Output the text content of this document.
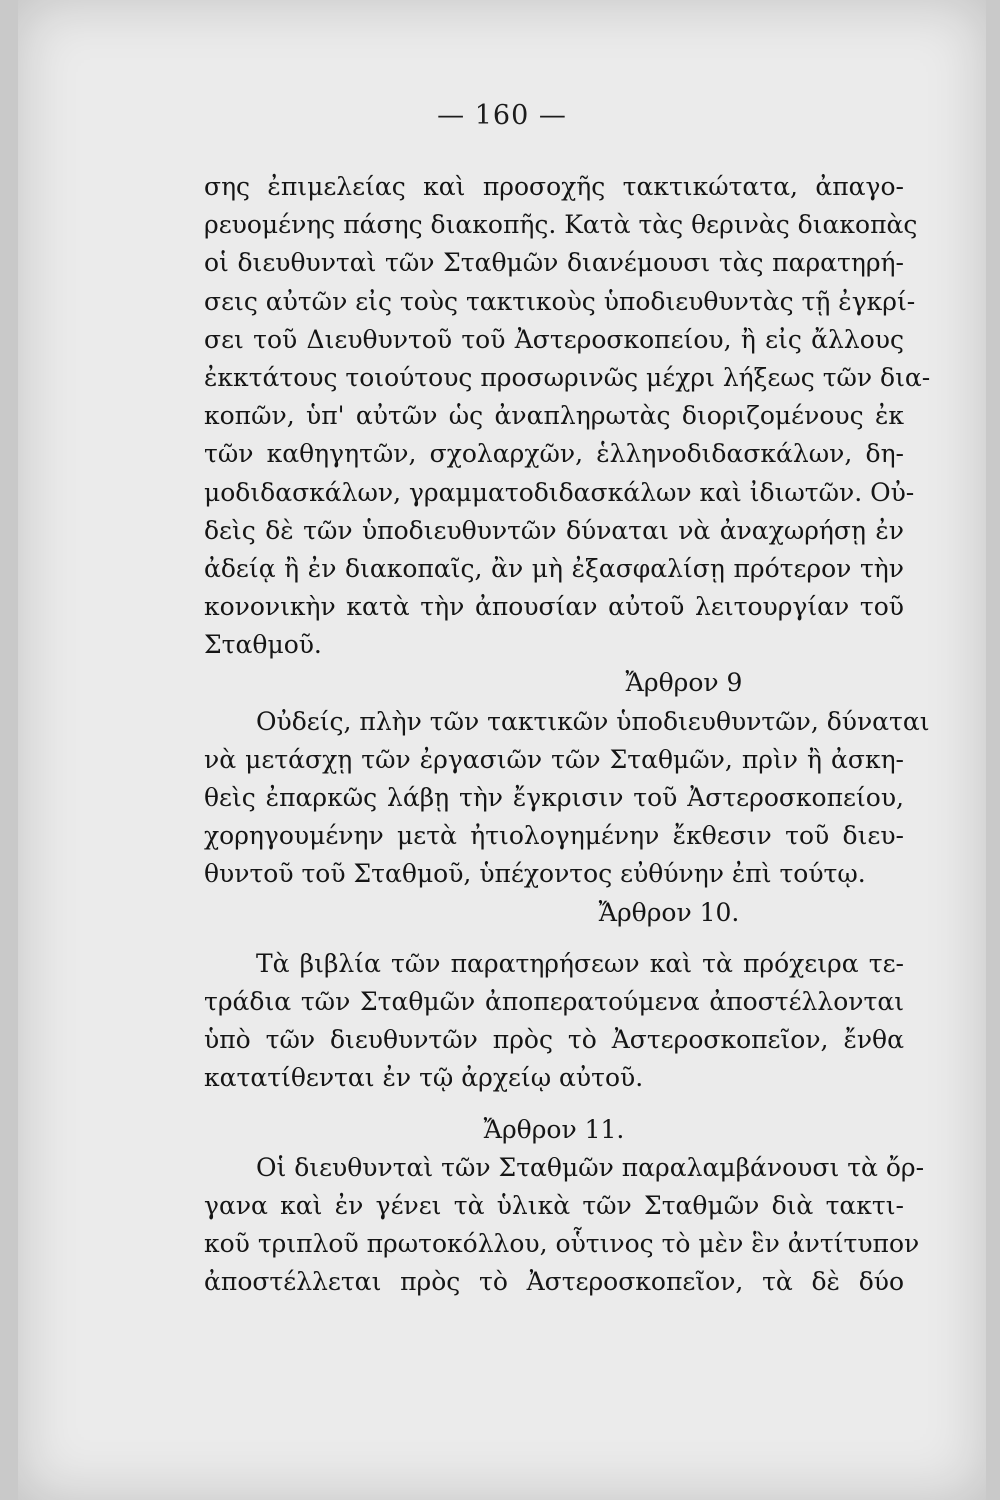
— 160 —
σης ἐπιμελείας καὶ προσοχῆς τακτικώτατα, ἀπαγο-
ρευομένης πάσης διακοπῆς. Κατὰ τὰς θερινὰς διακοπὰς
οἱ διευθυνταὶ τῶν Σταθμῶν διανέμουσι τὰς παρατηρή-
σεις αὐτῶν εἰς τοὺς τακτικοὺς ὑποδιευθυντὰς τῇ ἐγκρί-
σει τοῦ Διευθυντοῦ τοῦ Ἀστεροσκοπείου, ἢ εἰς ἄλλους
ἐκκτάτους τοιούτους προσωρινῶς μέχρι λήξεως τῶν δια-
κοπῶν, ὑπ' αὐτῶν ὡς ἀναπληρωτὰς διοριζομένους ἐκ
τῶν καθηγητῶν, σχολαρχῶν, ἑλληνοδιδασκάλων, δη-
μοδιδασκάλων, γραμματοδιδασκάλων καὶ ἰδιωτῶν. Οὐ-
δεὶς δὲ τῶν ὑποδιευθυντῶν δύναται νὰ ἀναχωρήσῃ ἐν
ἀδείᾳ ἢ ἐν διακοπαῖς, ἂν μὴ ἐξασφαλίσῃ πρότερον τὴν
κονονικὴν κατὰ τὴν ἀπουσίαν αὐτοῦ λειτουργίαν τοῦ
Σταθμοῦ.
Ἄρθρον 9
Οὐδείς, πλὴν τῶν τακτικῶν ὑποδιευθυντῶν, δύναται
νὰ μετάσχῃ τῶν ἐργασιῶν τῶν Σταθμῶν, πρὶν ἢ ἀσκη-
θεὶς ἐπαρκῶς λάβῃ τὴν ἔγκρισιν τοῦ Ἀστεροσκοπείου,
χορηγουμένην μετὰ ἠτιολογημένην ἔκθεσιν τοῦ διευ-
θυντοῦ τοῦ Σταθμοῦ, ὑπέχοντος εὐθύνην ἐπὶ τούτῳ.
Ἄρθρον 10.
Τὰ βιβλία τῶν παρατηρήσεων καὶ τὰ πρόχειρα τε-
τράδια τῶν Σταθμῶν ἀποπερατούμενα ἀποστέλλονται
ὑπὸ τῶν διευθυντῶν πρὸς τὸ Ἀστεροσκοπεῖον, ἔνθα
κατατίθενται ἐν τῷ ἀρχείῳ αὐτοῦ.
Ἄρθρον 11.
Οἱ διευθυνταὶ τῶν Σταθμῶν παραλαμβάνουσι τὰ ὄρ-
γανα καὶ ἐν γένει τὰ ὑλικὰ τῶν Σταθμῶν διὰ τακτι-
κοῦ τριπλοῦ πρωτοκόλλου, οὗτινος τὸ μὲν ἓν ἀντίτυπον
ἀποστέλλεται πρὸς τὸ Ἀστεροσκοπεῖον, τὰ δὲ δύο
